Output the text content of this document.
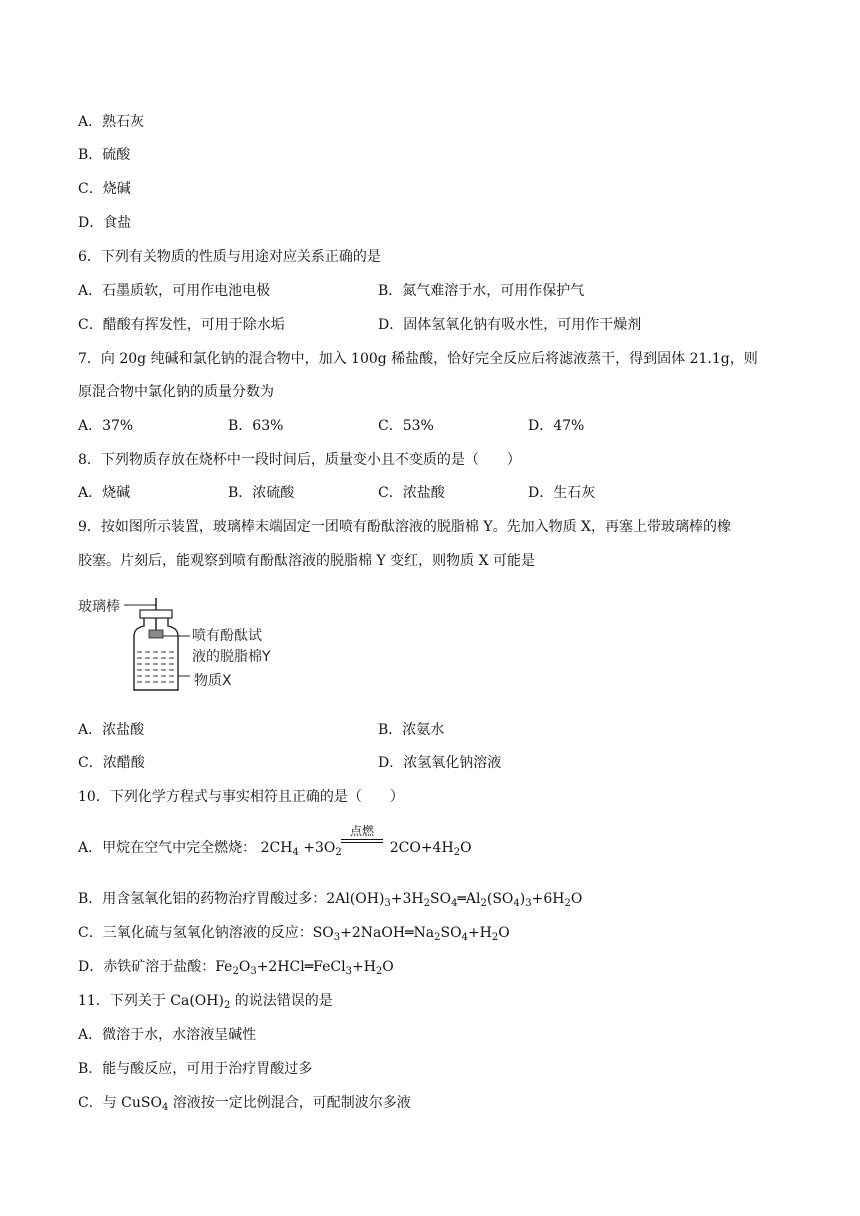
A．熟石灰
B．硫酸
C．烧碱
D．食盐
6．下列有关物质的性质与用途对应关系正确的是
A．石墨质软，可用作电池电极	B．氮气难溶于水，可用作保护气
C．醋酸有挥发性，可用于除水垢	D．固体氢氧化钠有吸水性，可用作干燥剂
7．向 20g 纯碱和氯化钠的混合物中，加入 100g 稀盐酸，恰好完全反应后将滤液蒸干，得到固体 21.1g，则
原混合物中氯化钠的质量分数为
A．37%	B．63%	C．53%	D．47%
8．下列物质存放在烧杯中一段时间后，质量变小且不变质的是（　　）
A．烧碱	B．浓硫酸	C．浓盐酸	D．生石灰
9．按如图所示装置，玻璃棒末端固定一团喷有酚酞溶液的脱脂棉 Y。先加入物质 X，再塞上带玻璃棒的橡
胶塞。片刻后，能观察到喷有酚酞溶液的脱脂棉 Y 变红，则物质 X 可能是
玻璃棒
喷有酚酞试
液的脱脂棉Y
物质X
A．浓盐酸	B．浓氨水
C．浓醋酸	D．浓氢氧化钠溶液
10．下列化学方程式与事实相符且正确的是（　　）
A．甲烷在空气中完全燃烧： $2CH_4 +3O_2$	$2CO+4H_2O$
点燃
B．用含氢氧化铝的药物治疗胃酸过多：$2Al(OH)_3+3H_2SO_4═Al_2(SO_4)_3+6H_2O$
C．三氧化硫与氢氧化钠溶液的反应：$SO_3+2NaOH═Na_2SO_4+H_2O$
D．赤铁矿溶于盐酸：$Fe_2O_3+2HCl═FeCl_3+H_2O$
11．下列关于 $Ca(OH)_2$ 的说法错误的是
A．微溶于水，水溶液呈碱性
B．能与酸反应，可用于治疗胃酸过多
C．与 CuSO$_4$ 溶液按一定比例混合，可配制波尔多液
